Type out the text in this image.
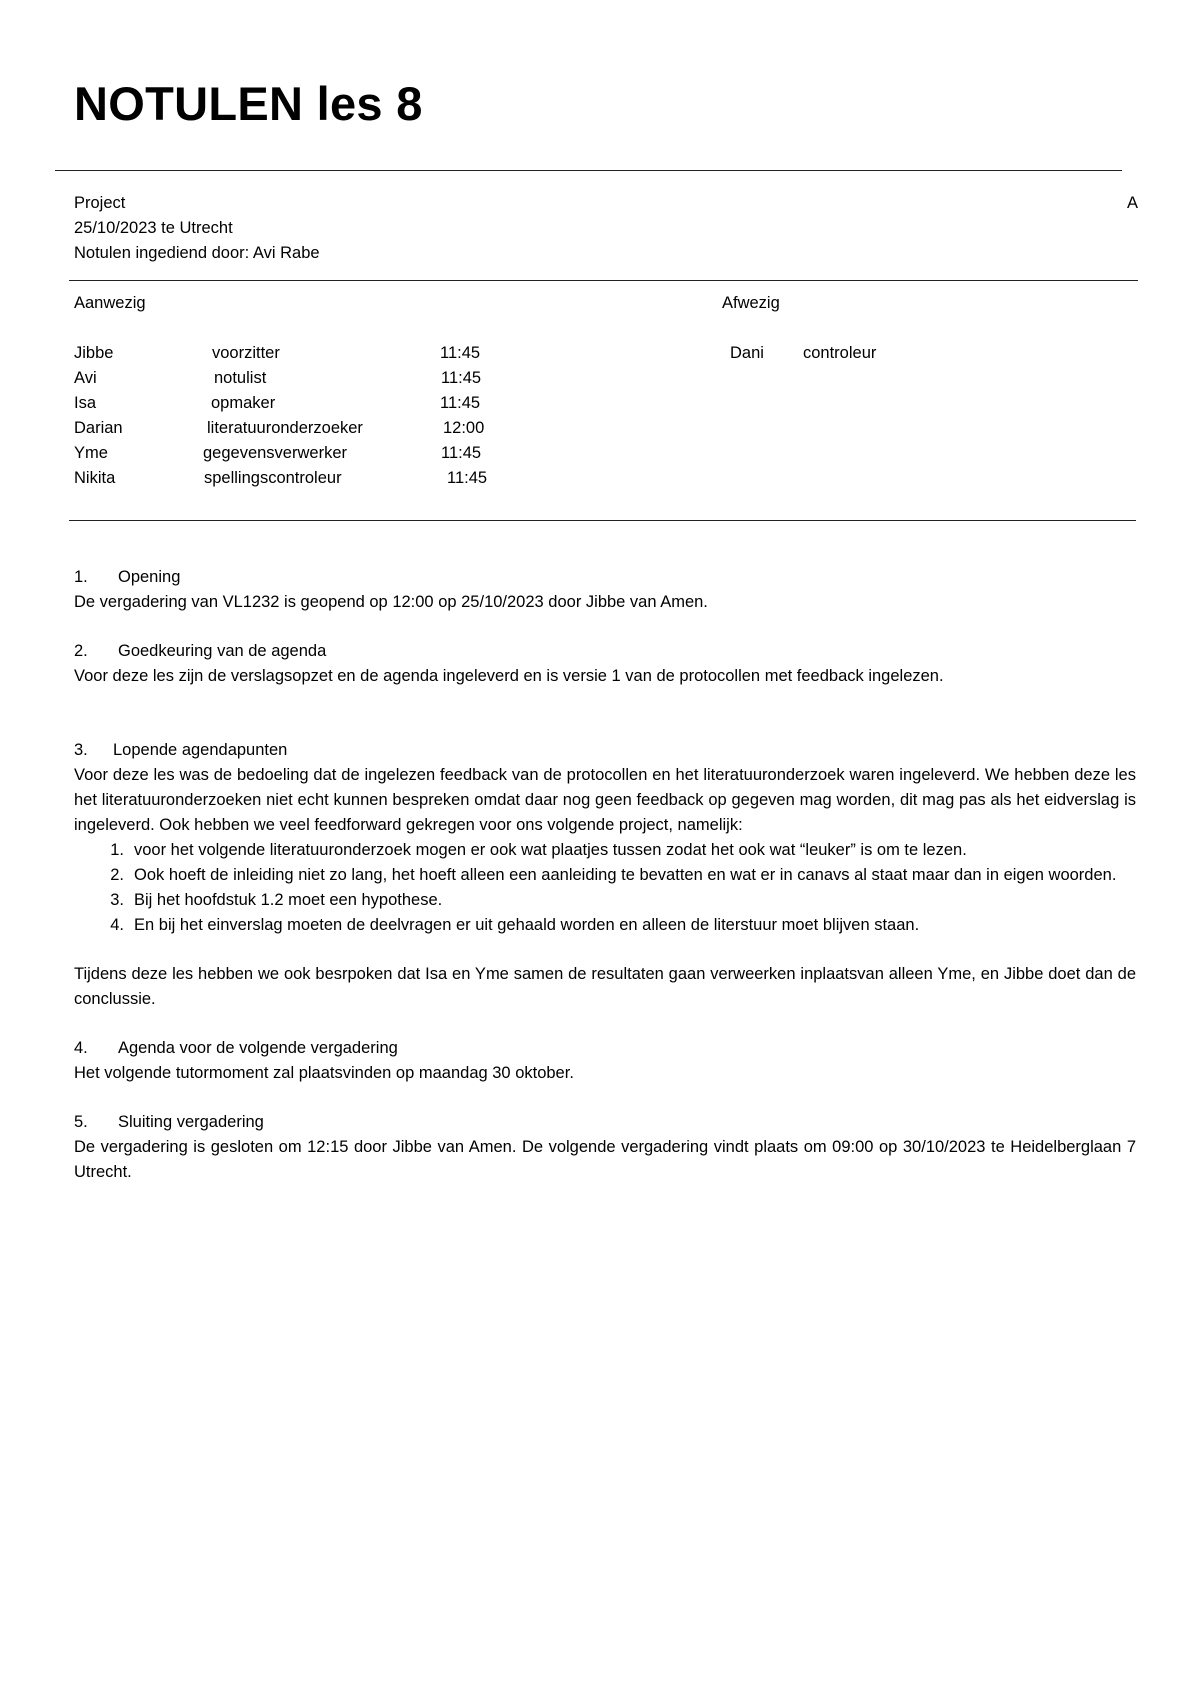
NOTULEN les 8
Project	A
25/10/2023 te Utrecht
Notulen ingediend door: Avi Rabe
Aanwezig	Afwezig
Jibbe	voorzitter	11:45
Avi	notulist	11:45
Isa	opmaker	11:45
Darian	literatuuronderzoeker	12:00
Yme	gegevensverwerker	11:45
Nikita	spellingscontroleur	11:45
Dani controleur
1.	Opening

De vergadering van VL1232 is geopend op 12:00 op 25/10/2023 door Jibbe van Amen.

2.	Goedkeuring van de agenda

Voor deze les zijn de verslagsopzet en de agenda ingeleverd en is versie 1 van de protocollen met feedback ingelezen.

3.	Lopende agendapunten

Voor deze les was de bedoeling dat de ingelezen feedback van de protocollen en het literatuuronderzoek waren ingeleverd. We hebben deze les het literatuuronderzoeken niet echt kunnen bespreken omdat daar nog geen feedback op gegeven mag worden, dit mag pas als het eidverslag is ingeleverd. Ook hebben we veel feedforward gekregen voor ons volgende project, namelijk:

1. voor het volgende literatuuronderzoek mogen er ook wat plaatjes tussen zodat het ook wat “leuker” is om te lezen.
2. Ook hoeft de inleiding niet zo lang, het hoeft alleen een aanleiding te bevatten en wat er in canavs al staat maar dan in eigen woorden.
3. Bij het hoofdstuk 1.2 moet een hypothese.
4. En bij het einverslag moeten de deelvragen er uit gehaald worden en alleen de literstuur moet blijven staan.

Tijdens deze les hebben we ook besrpoken dat Isa en Yme samen de resultaten gaan verweerken inplaatsvan alleen Yme, en Jibbe doet dan de conclussie.

4.	Agenda voor de volgende vergadering

Het volgende tutormoment zal plaatsvinden op maandag 30 oktober.

5.	Sluiting vergadering

De vergadering is gesloten om 12:15 door Jibbe van Amen. De volgende vergadering vindt plaats om 09:00 op 30/10/2023 te Heidelberglaan 7 Utrecht.
